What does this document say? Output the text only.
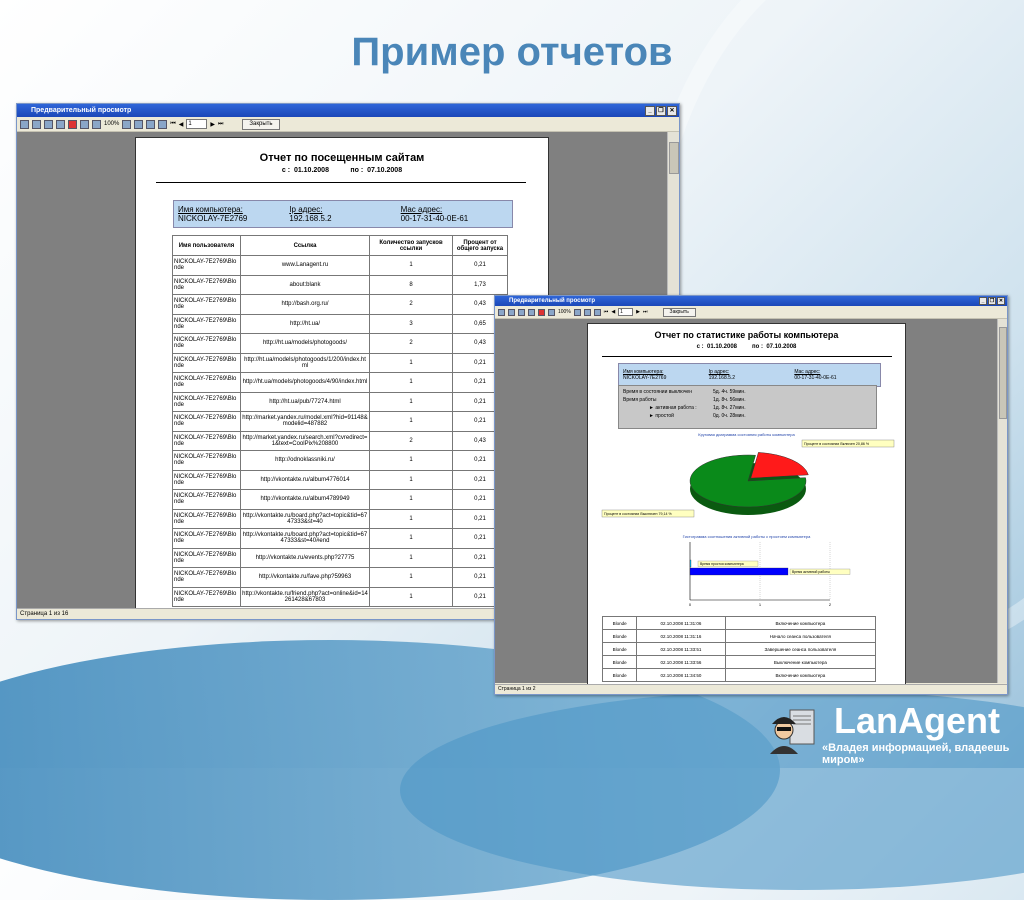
Пример отчетов
Предварительный просмотр	_	❐ ✕
100%	⏮ ◀ 1	▶ ⏭	Закрыть
Отчет по посещенным сайтам
с : 01.10.2008	по : 07.10.2008
Имя компьютера:	Ip адрес:	Mac адрес:
NICKOLAY-7E2769	192.168.5.2	00-17-31-40-0E-61
Имя пользователя	Ссылка	Количество запусков ссылки	Процент от общего запуска
NICKOLAY-7E2769\Blonde	www.Lanagent.ru	1	0,21
NICKOLAY-7E2769\Blonde	about:blank	8	1,73
NICKOLAY-7E2769\Blonde	http://bash.org.ru/	2	0,43
NICKOLAY-7E2769\Blonde	http://ht.ua/	3	0,65
NICKOLAY-7E2769\Blonde	http://ht.ua/models/photogoods/	2	0,43
NICKOLAY-7E2769\Blonde	http://ht.ua/models/photogoods/1/200/index.html	1	0,21
NICKOLAY-7E2769\Blonde	http://ht.ua/models/photogoods/4/90/index.html	1	0,21
NICKOLAY-7E2769\Blonde	http://ht.ua/pub/77274.html	1	0,21
NICKOLAY-7E2769\Blonde	http://market.yandex.ru/model.xml?hid=91148&modelid=487882	1	0,21
NICKOLAY-7E2769\Blonde	http://market.yandex.ru/search.xml?cvredirect=1&text=CoolPix%208800	2	0,43
NICKOLAY-7E2769\Blonde	http://odnoklassniki.ru/	1	0,21
NICKOLAY-7E2769\Blonde	http://vkontakte.ru/album4776014	1	0,21
NICKOLAY-7E2769\Blonde	http://vkontakte.ru/album4789949	1	0,21
NICKOLAY-7E2769\Blonde	http://vkontakte.ru/board.php?act=topic&tid=6747333&st=40	1	0,21
NICKOLAY-7E2769\Blonde	http://vkontakte.ru/board.php?act=topic&tid=6747333&st=40#end	1	0,21
NICKOLAY-7E2769\Blonde	http://vkontakte.ru/events.php?27775	1	0,21
NICKOLAY-7E2769\Blonde	http://vkontakte.ru/fave.php?59963	1	0,21
NICKOLAY-7E2769\Blonde	http://vkontakte.ru/friend.php?act=online&id=14261428&67803	1	0,21
Страница 1 из 16
Предварительный просмотр	_	❐ ✕
100%	⏮ ◀	1	▶ ⏭	Закрыть
Отчет по статистике работы компьютера
с : 01.10.2008	по : 07.10.2008
Имя компьютера:	Ip адрес:	Mac адрес:
NICKOLAY-7E2769	192.168.5.2	00-17-31-40-0E-61
Время в состоянии выключен	5д. 4ч. 59мин.
Время работы	1д. 8ч. 56мин.
► активная работа :	1д. 8ч. 27мин.
► простой	0д. 0ч. 28мин.
Круговая диаграмма состояния работы компьютера
Процент в состоянии Включен 20,86 %
Процент в состоянии Выключен 79,14 %
Гистограмма соотношения активной работы с простоем компьютера
0	1	2
Время простоя компьютера
Время активной работы
Blonde	02.10.2008 11:31:06	Включение компьютера
Blonde	02.10.2008 11:31:16	Начало сеанса пользователя
Blonde	02.10.2008 11:33:51	Завершение сеанса пользователя
Blonde	02.10.2008 11:33:56	Выключение компьютера
Blonde	02.10.2008 11:34:50	Включение компьютера
Страница 1 из 2
LanAgent
«Владея информацией, владеешь миром»
